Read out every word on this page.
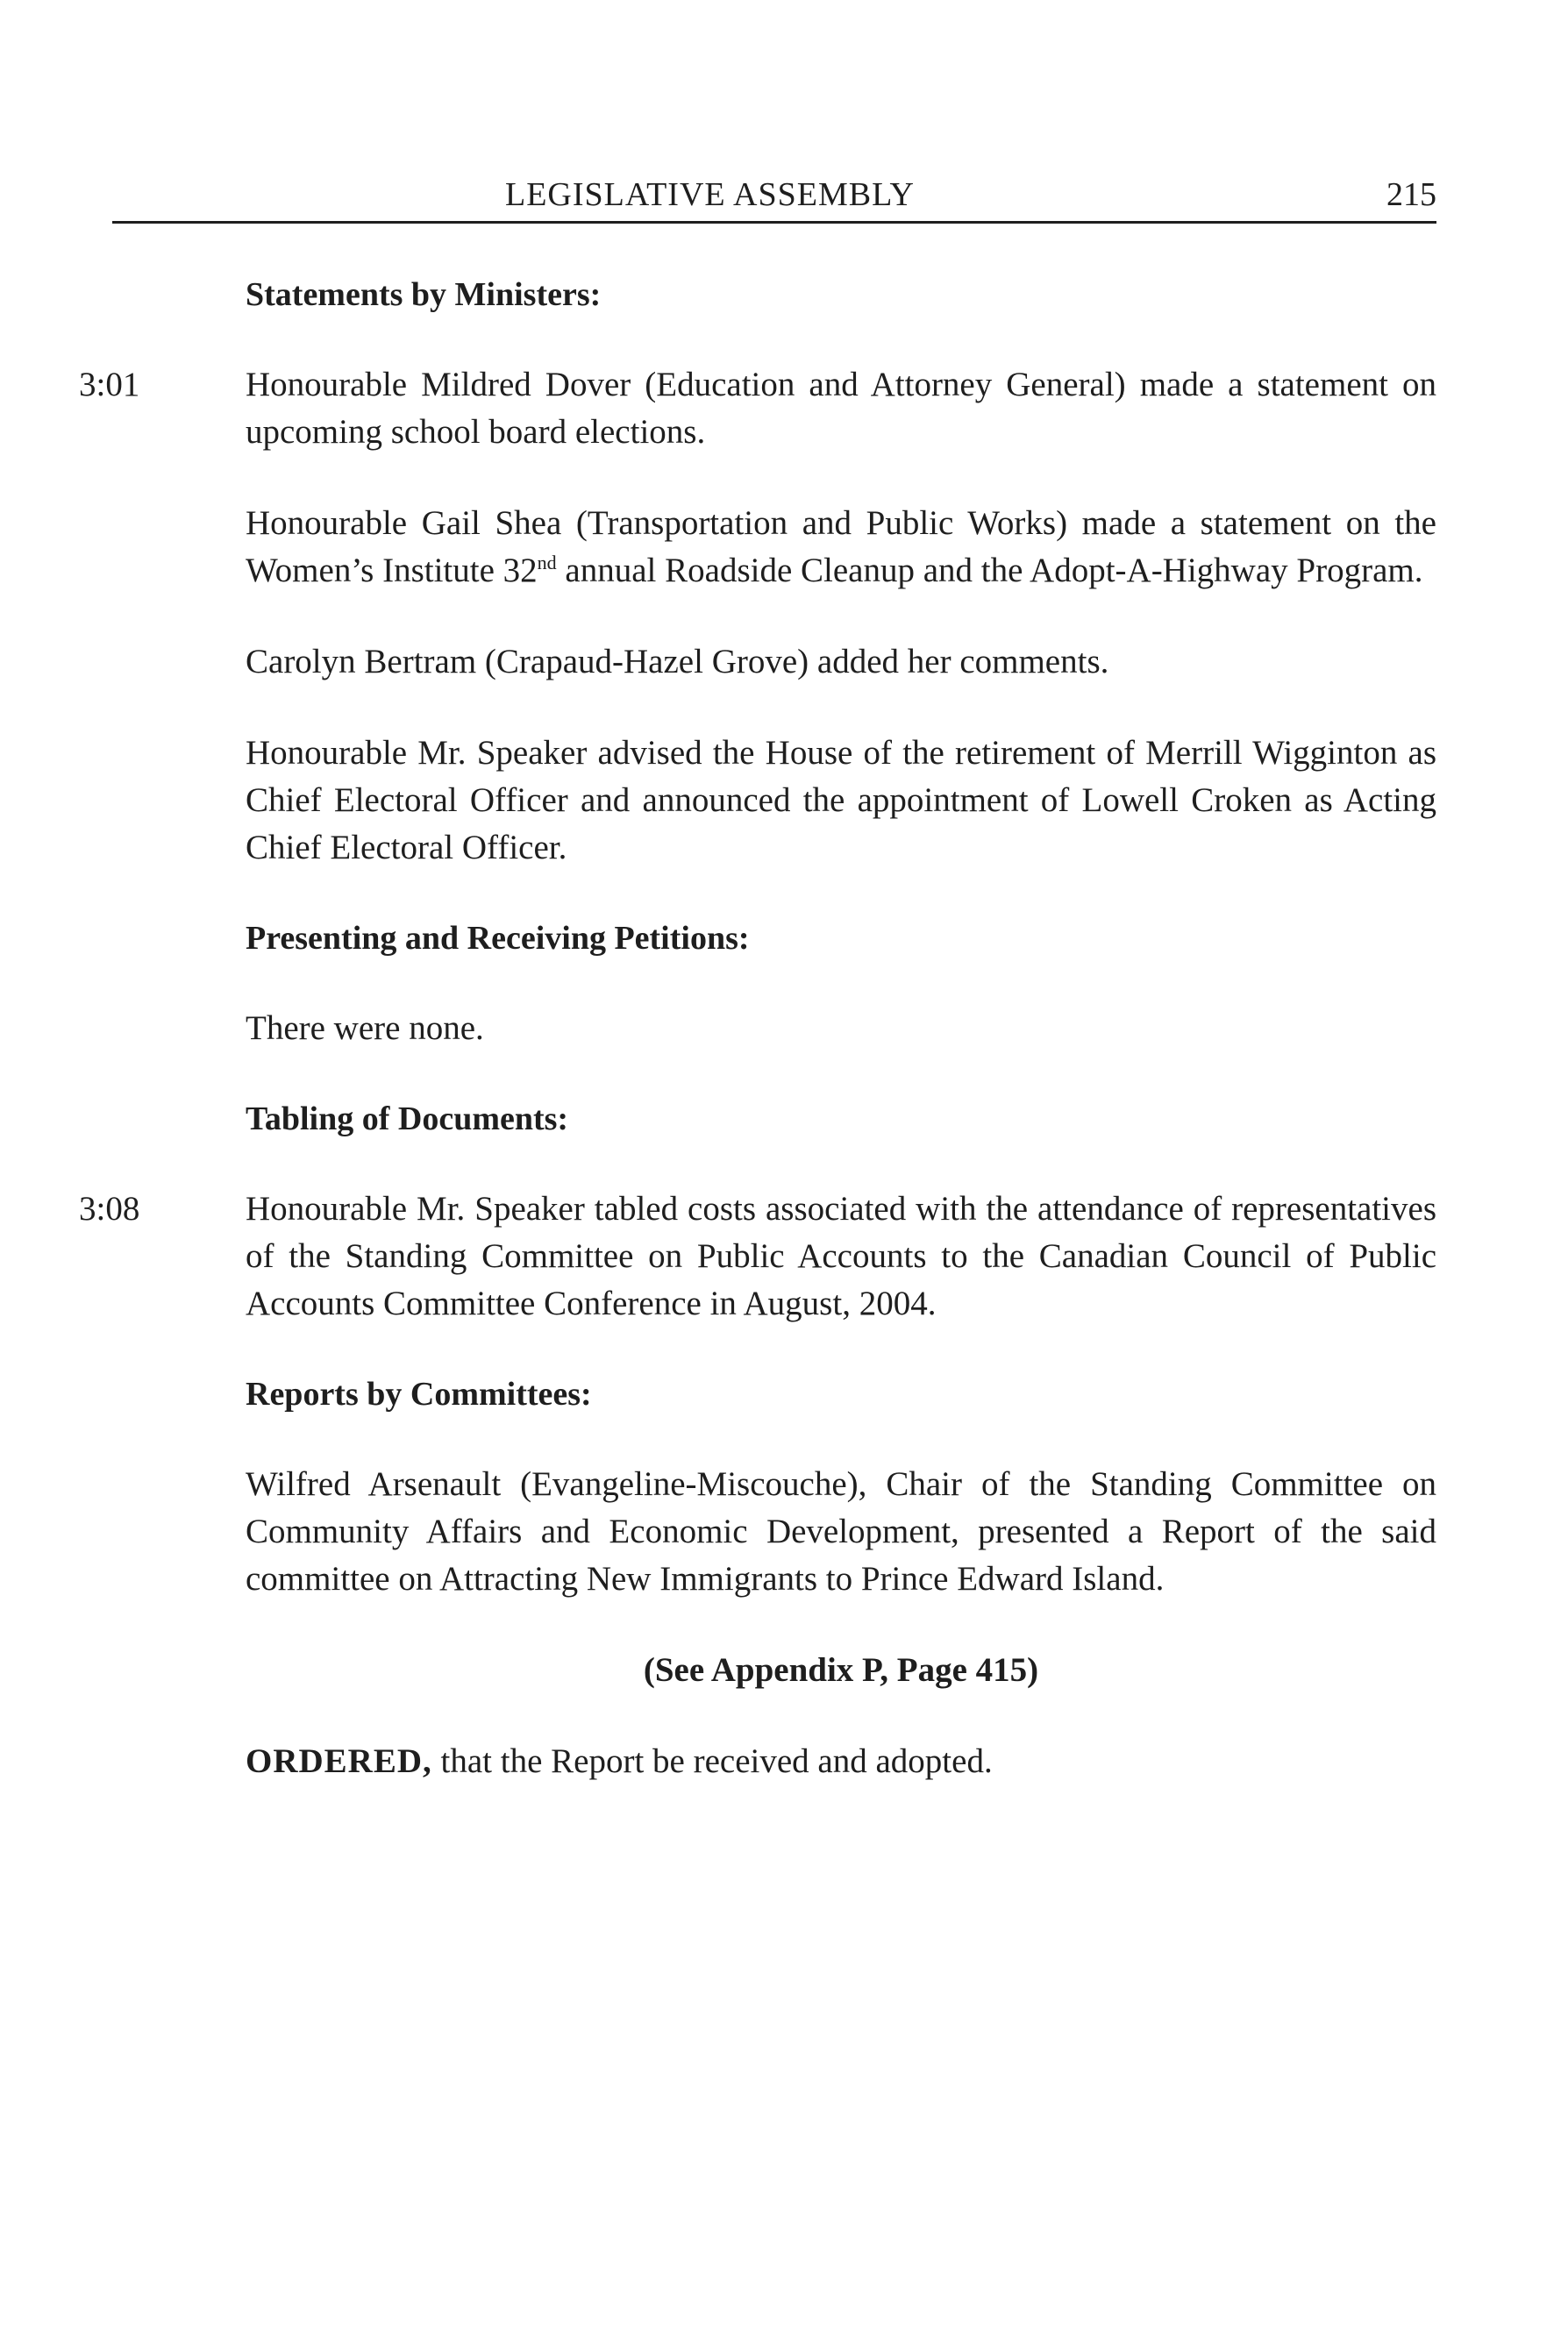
LEGISLATIVE ASSEMBLY	215
Statements by Ministers:
3:01	Honourable Mildred Dover (Education and Attorney General) made a statement on upcoming school board elections.
Honourable Gail Shea (Transportation and Public Works) made a statement on the Women’s Institute 32nd annual Roadside Cleanup and the Adopt-A-Highway Program.
Carolyn Bertram (Crapaud-Hazel Grove) added her comments.
Honourable Mr. Speaker advised the House of the retirement of Merrill Wigginton as Chief Electoral Officer and announced the appointment of Lowell Croken as Acting Chief Electoral Officer.
Presenting and Receiving Petitions:
There were none.
Tabling of Documents:
3:08	Honourable Mr. Speaker tabled costs associated with the attendance of representatives of the Standing Committee on Public Accounts to the Canadian Council of Public Accounts Committee Conference in August, 2004.
Reports by Committees:
Wilfred Arsenault (Evangeline-Miscouche), Chair of the Standing Committee on Community Affairs and Economic Development, presented a Report of the said committee on Attracting New Immigrants to Prince Edward Island.
(See Appendix P, Page 415)
ORDERED, that the Report be received and adopted.
